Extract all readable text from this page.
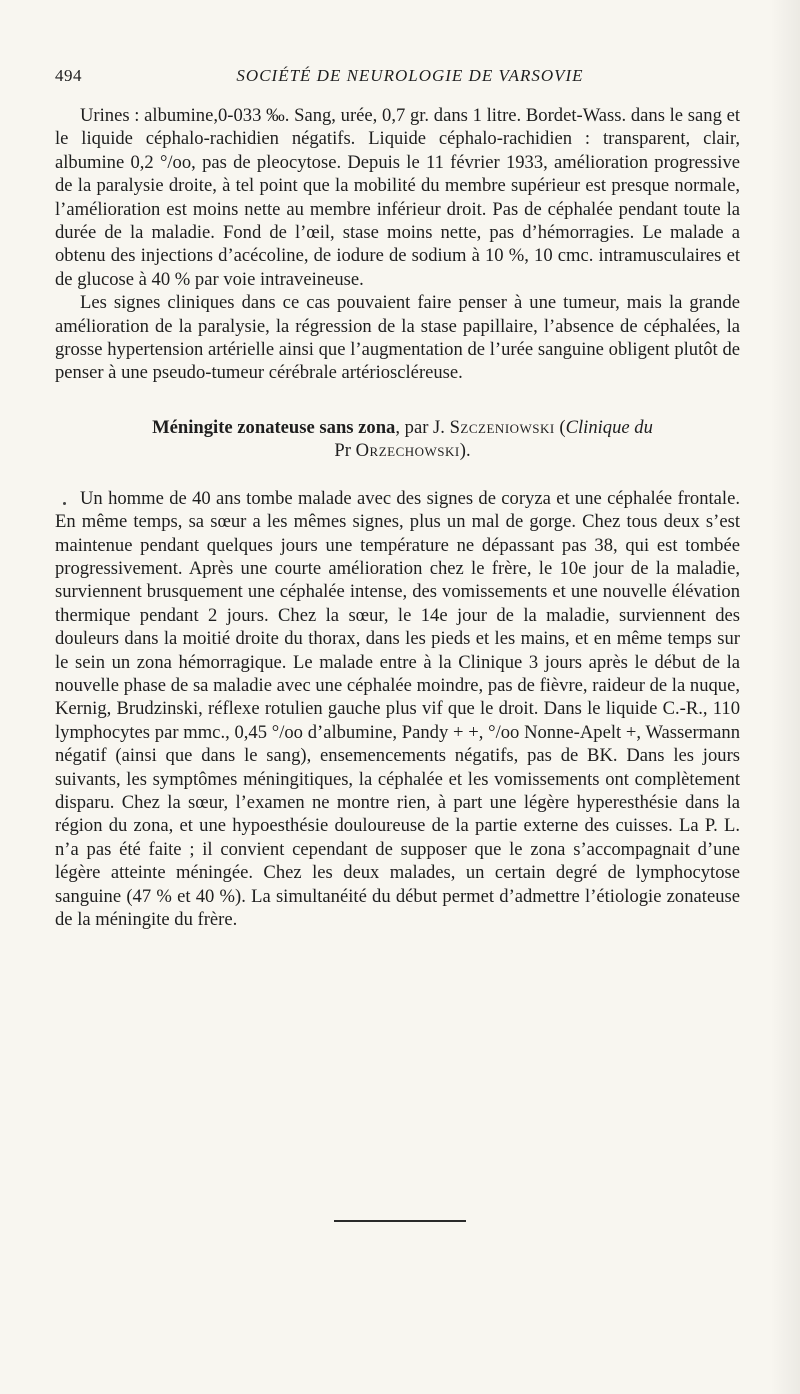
494	SOCIÉTÉ DE NEUROLOGIE DE VARSOVIE

Urines : albumine,0-033 ‰. Sang, urée, 0,7 gr. dans 1 litre. Bordet-Wass. dans le sang et le liquide céphalo-rachidien négatifs. Liquide céphalo-rachidien : transparent, clair, albumine 0,2 °/oo, pas de pleocytose. Depuis le 11 février 1933, amélioration progressive de la paralysie droite, à tel point que la mobilité du membre supérieur est presque normale, l’amélioration est moins nette au membre inférieur droit. Pas de céphalée pendant toute la durée de la maladie. Fond de l’œil, stase moins nette, pas d’hémorragies. Le malade a obtenu des injections d’acécoline, de iodure de sodium à 10 %, 10 cmc. intramusculaires et de glucose à 40 % par voie intraveineuse.

Les signes cliniques dans ce cas pouvaient faire penser à une tumeur, mais la grande amélioration de la paralysie, la régression de la stase papillaire, l’absence de céphalées, la grosse hypertension artérielle ainsi que l’augmentation de l’urée sanguine obligent plutôt de penser à une pseudo-tumeur cérébrale artérioscléreuse.

Méningite zonateuse sans zona, par J. Szczeniowski (Clinique du
Pr Orzechowski).

Un homme de 40 ans tombe malade avec des signes de coryza et une céphalée frontale. En même temps, sa sœur a les mêmes signes, plus un mal de gorge. Chez tous deux s’est maintenue pendant quelques jours une température ne dépassant pas 38, qui est tombée progressivement. Après une courte amélioration chez le frère, le 10e jour de la maladie, surviennent brusquement une céphalée intense, des vomissements et une nouvelle élévation thermique pendant 2 jours. Chez la sœur, le 14e jour de la maladie, surviennent des douleurs dans la moitié droite du thorax, dans les pieds et les mains, et en même temps sur le sein un zona hémorragique. Le malade entre à la Clinique 3 jours après le début de la nouvelle phase de sa maladie avec une céphalée moindre, pas de fièvre, raideur de la nuque, Kernig, Brudzinski, réflexe rotulien gauche plus vif que le droit. Dans le liquide C.-R., 110 lymphocytes par mmc., 0,45 °/oo d’albumine, Pandy + +, °/oo Nonne-Apelt +, Wassermann négatif (ainsi que dans le sang), ensemencements négatifs, pas de BK. Dans les jours suivants, les symptômes méningitiques, la céphalée et les vomissements ont complètement disparu. Chez la sœur, l’examen ne montre rien, à part une légère hyperesthésie dans la région du zona, et une hypoesthésie douloureuse de la partie externe des cuisses. La P. L. n’a pas été faite ; il convient cependant de supposer que le zona s’accompagnait d’une légère atteinte méningée. Chez les deux malades, un certain degré de lymphocytose sanguine (47 % et 40 %). La simultanéité du début permet d’admettre l’étiologie zonateuse de la méningite du frère.
